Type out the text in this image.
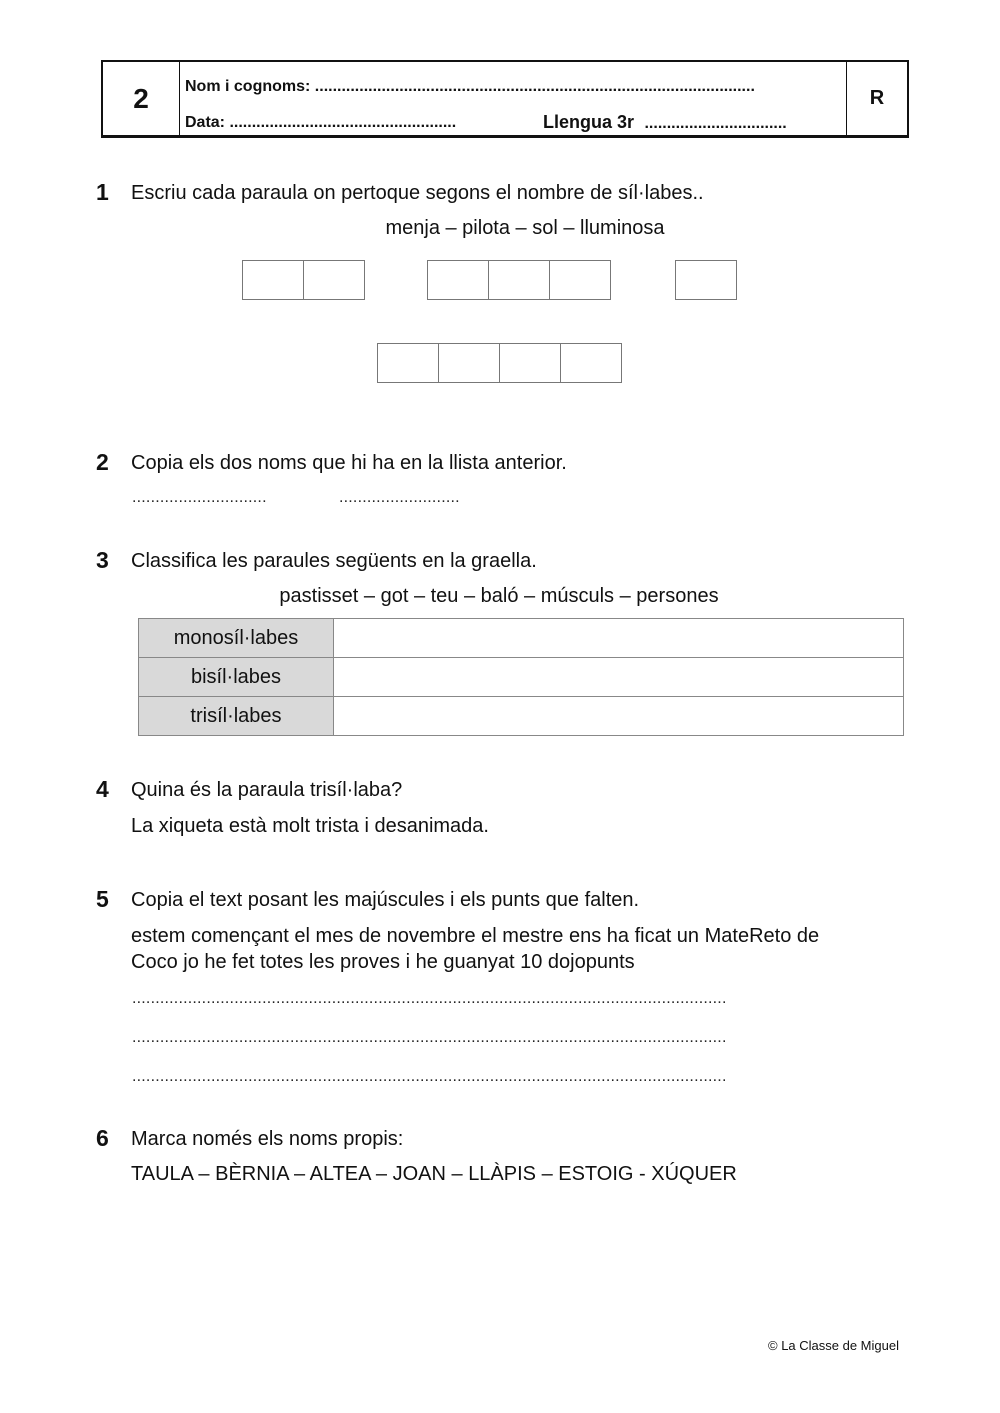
2	Nom i cognoms: ...................................................................................................
Data: ...................................................	Llengua 3r ................................
R
1 Escriu cada paraula on pertoque segons el nombre de síl·labes..
menja – pilota – sol – lluminosa
2 Copia els dos noms que hi ha en la llista anterior.
.............................	..........................
3 Classifica les paraules següents en la graella.
pastisset – got – teu – baló – músculs – persones
monosíl·labes	
bisíl·labes	
trisíl·labes	
4 Quina és la paraula trisíl·laba?
La xiqueta està molt trista i desanimada.
5 Copia el text posant les majúscules i els punts que falten.
estem començant el mes de novembre el mestre ens ha ficat un MateReto de
Coco jo he fet totes les proves i he guanyat 10 dojopunts
................................................................................................................................
................................................................................................................................
................................................................................................................................
6 Marca només els noms propis:
TAULA – BÈRNIA – ALTEA – JOAN – LLÀPIS – ESTOIG - XÚQUER
© La Classe de Miguel
